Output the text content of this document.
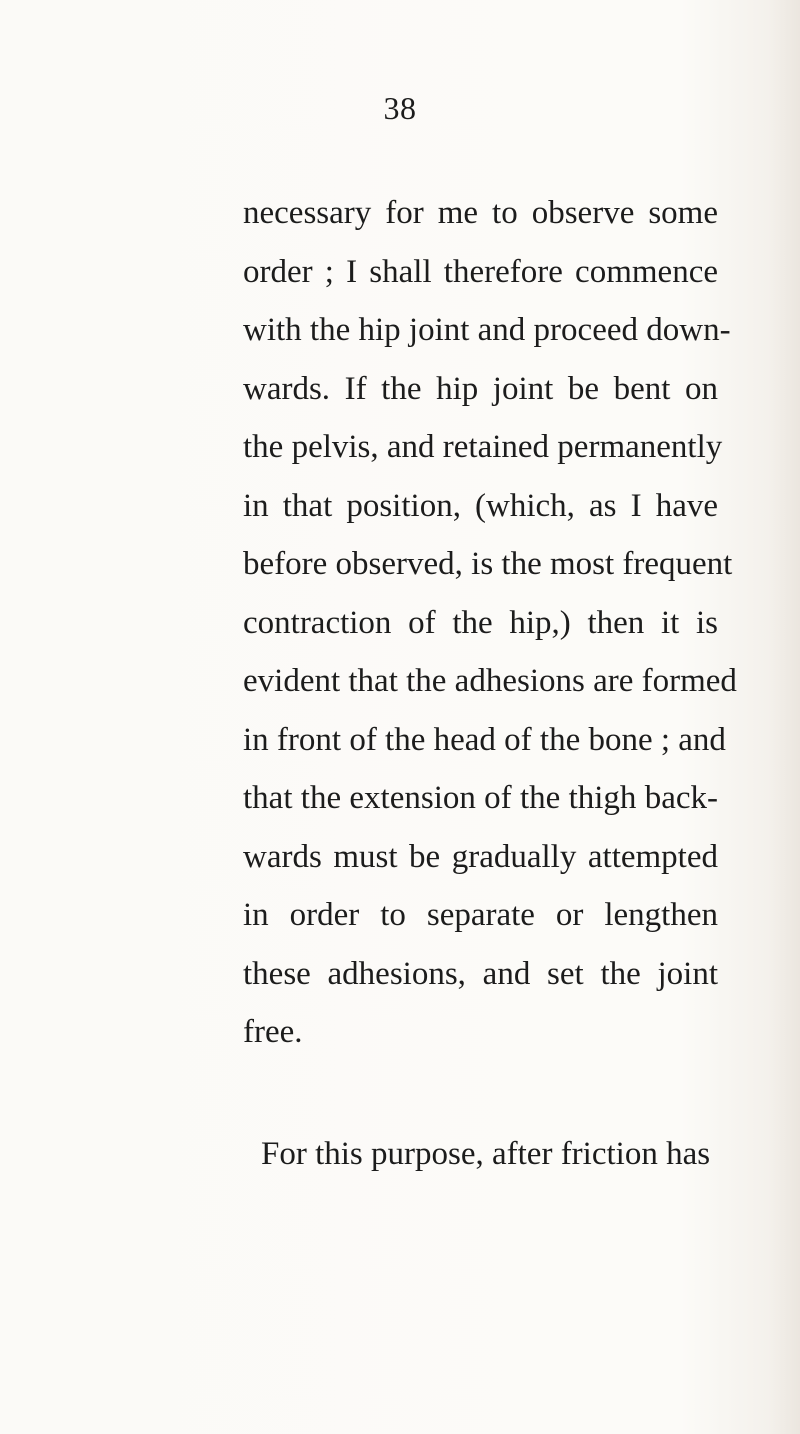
38
necessary for me to observe some
order ; I shall therefore commence
with the hip joint and proceed down-
wards. If the hip joint be bent on
the pelvis, and retained permanently
in that position, (which, as I have
before observed, is the most frequent
contraction of the hip,) then it is
evident that the adhesions are formed
in front of the head of the bone ; and
that the extension of the thigh back-
wards must be gradually attempted
in order to separate or lengthen
these adhesions, and set the joint
free.
For this purpose, after friction has
